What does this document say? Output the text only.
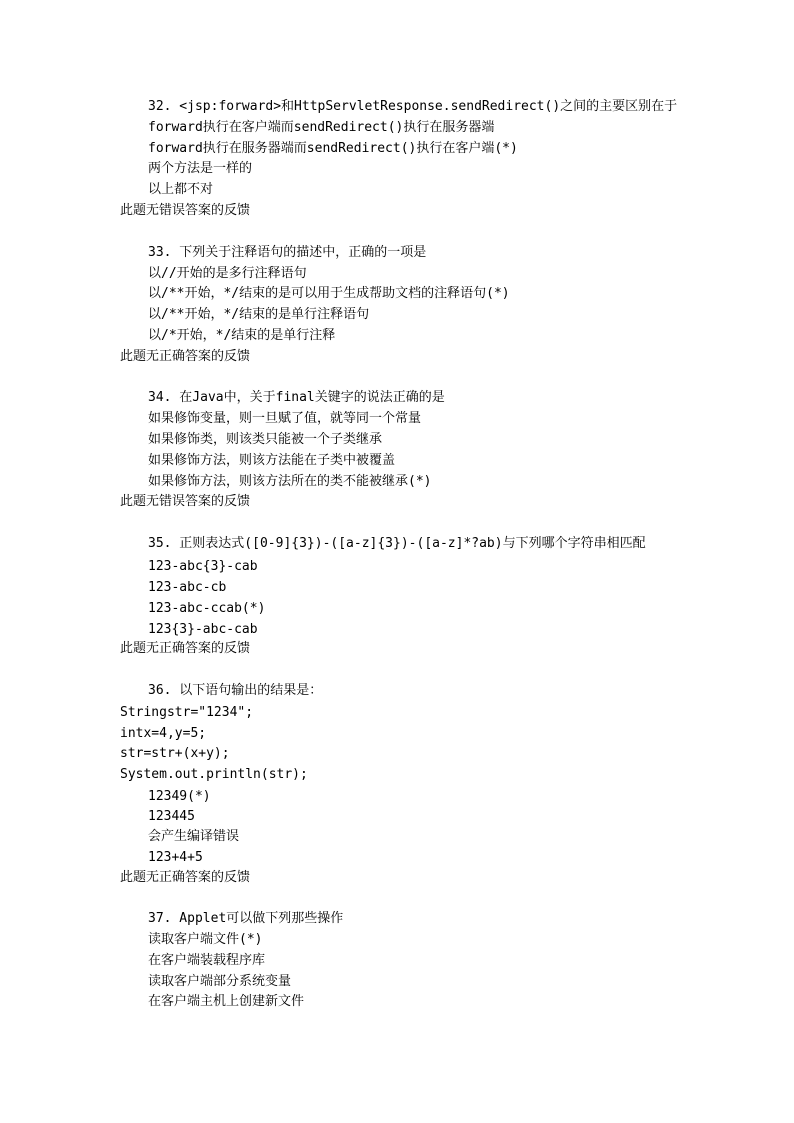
32. <jsp:forward>和HttpServletResponse.sendRedirect()之间的主要区别在于
forward执行在客户端而sendRedirect()执行在服务器端
forward执行在服务器端而sendRedirect()执行在客户端(*)
两个方法是一样的
以上都不对
此题无错误答案的反馈
33. 下列关于注释语句的描述中，正确的一项是
以//开始的是多行注释语句
以/**开始，*/结束的是可以用于生成帮助文档的注释语句(*)
以/**开始，*/结束的是单行注释语句
以/*开始，*/结束的是单行注释
此题无正确答案的反馈
34. 在Java中，关于final关键字的说法正确的是
如果修饰变量，则一旦赋了值，就等同一个常量
如果修饰类，则该类只能被一个子类继承
如果修饰方法，则该方法能在子类中被覆盖
如果修饰方法，则该方法所在的类不能被继承(*)
此题无错误答案的反馈
35. 正则表达式([0-9]{3})-([a-z]{3})-([a-z]*?ab)与下列哪个字符串相匹配
123-abc{3}-cab
123-abc-cb
123-abc-ccab(*)
123{3}-abc-cab
此题无正确答案的反馈
36. 以下语句输出的结果是：
Stringstr="1234";
intx=4,y=5;
str=str+(x+y);
System.out.println(str);
12349(*)
123445
会产生编译错误
123+4+5
此题无正确答案的反馈
37. Applet可以做下列那些操作
读取客户端文件(*)
在客户端装载程序库
读取客户端部分系统变量
在客户端主机上创建新文件
